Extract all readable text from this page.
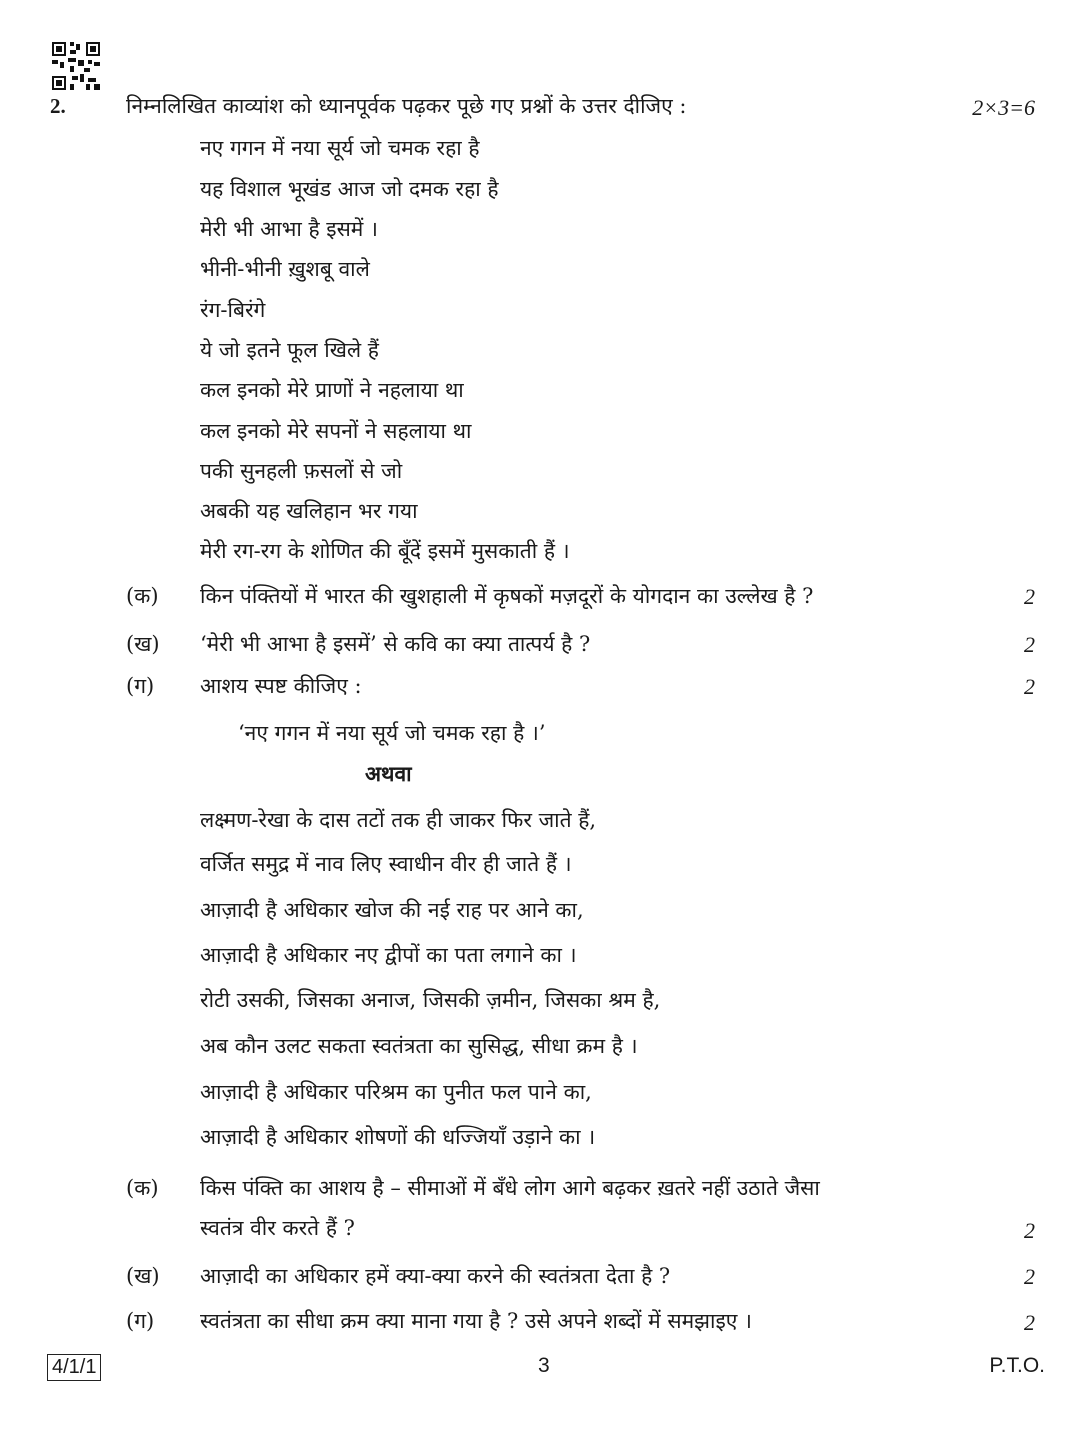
2.	निम्नलिखित काव्यांश को ध्यानपूर्वक पढ़कर पूछे गए प्रश्नों के उत्तर दीजिए :	2×3=6
नए गगन में नया सूर्य जो चमक रहा है
यह विशाल भूखंड आज जो दमक रहा है
मेरी भी आभा है इसमें ।
भीनी-भीनी ख़ुशबू वाले
रंग-बिरंगे
ये जो इतने फूल खिले हैं
कल इनको मेरे प्राणों ने नहलाया था
कल इनको मेरे सपनों ने सहलाया था
पकी सुनहली फ़सलों से जो
अबकी यह खलिहान भर गया
मेरी रग-रग के शोणित की बूँदें इसमें मुसकाती हैं ।
(क) किन पंक्तियों में भारत की खुशहाली में कृषकों मज़दूरों के योगदान का उल्लेख है ?	2
(ख) ‘मेरी भी आभा है इसमें’ से कवि का क्या तात्पर्य है ?	2
(ग) आशय स्पष्ट कीजिए :	2
‘नए गगन में नया सूर्य जो चमक रहा है ।’
अथवा
लक्ष्मण-रेखा के दास तटों तक ही जाकर फिर जाते हैं,
वर्जित समुद्र में नाव लिए स्वाधीन वीर ही जाते हैं ।
आज़ादी है अधिकार खोज की नई राह पर आने का,
आज़ादी है अधिकार नए द्वीपों का पता लगाने का ।
रोटी उसकी, जिसका अनाज, जिसकी ज़मीन, जिसका श्रम है,
अब कौन उलट सकता स्वतंत्रता का सुसिद्ध, सीधा क्रम है ।
आज़ादी है अधिकार परिश्रम का पुनीत फल पाने का,
आज़ादी है अधिकार शोषणों की धज्जियाँ उड़ाने का ।
(क) किस पंक्ति का आशय है – सीमाओं में बँधे लोग आगे बढ़कर ख़तरे नहीं उठाते जैसा
स्वतंत्र वीर करते हैं ?	2
(ख) आज़ादी का अधिकार हमें क्या-क्या करने की स्वतंत्रता देता है ?	2
(ग) स्वतंत्रता का सीधा क्रम क्या माना गया है ? उसे अपने शब्दों में समझाइए ।	2
4/1/1	3	P.T.O.
